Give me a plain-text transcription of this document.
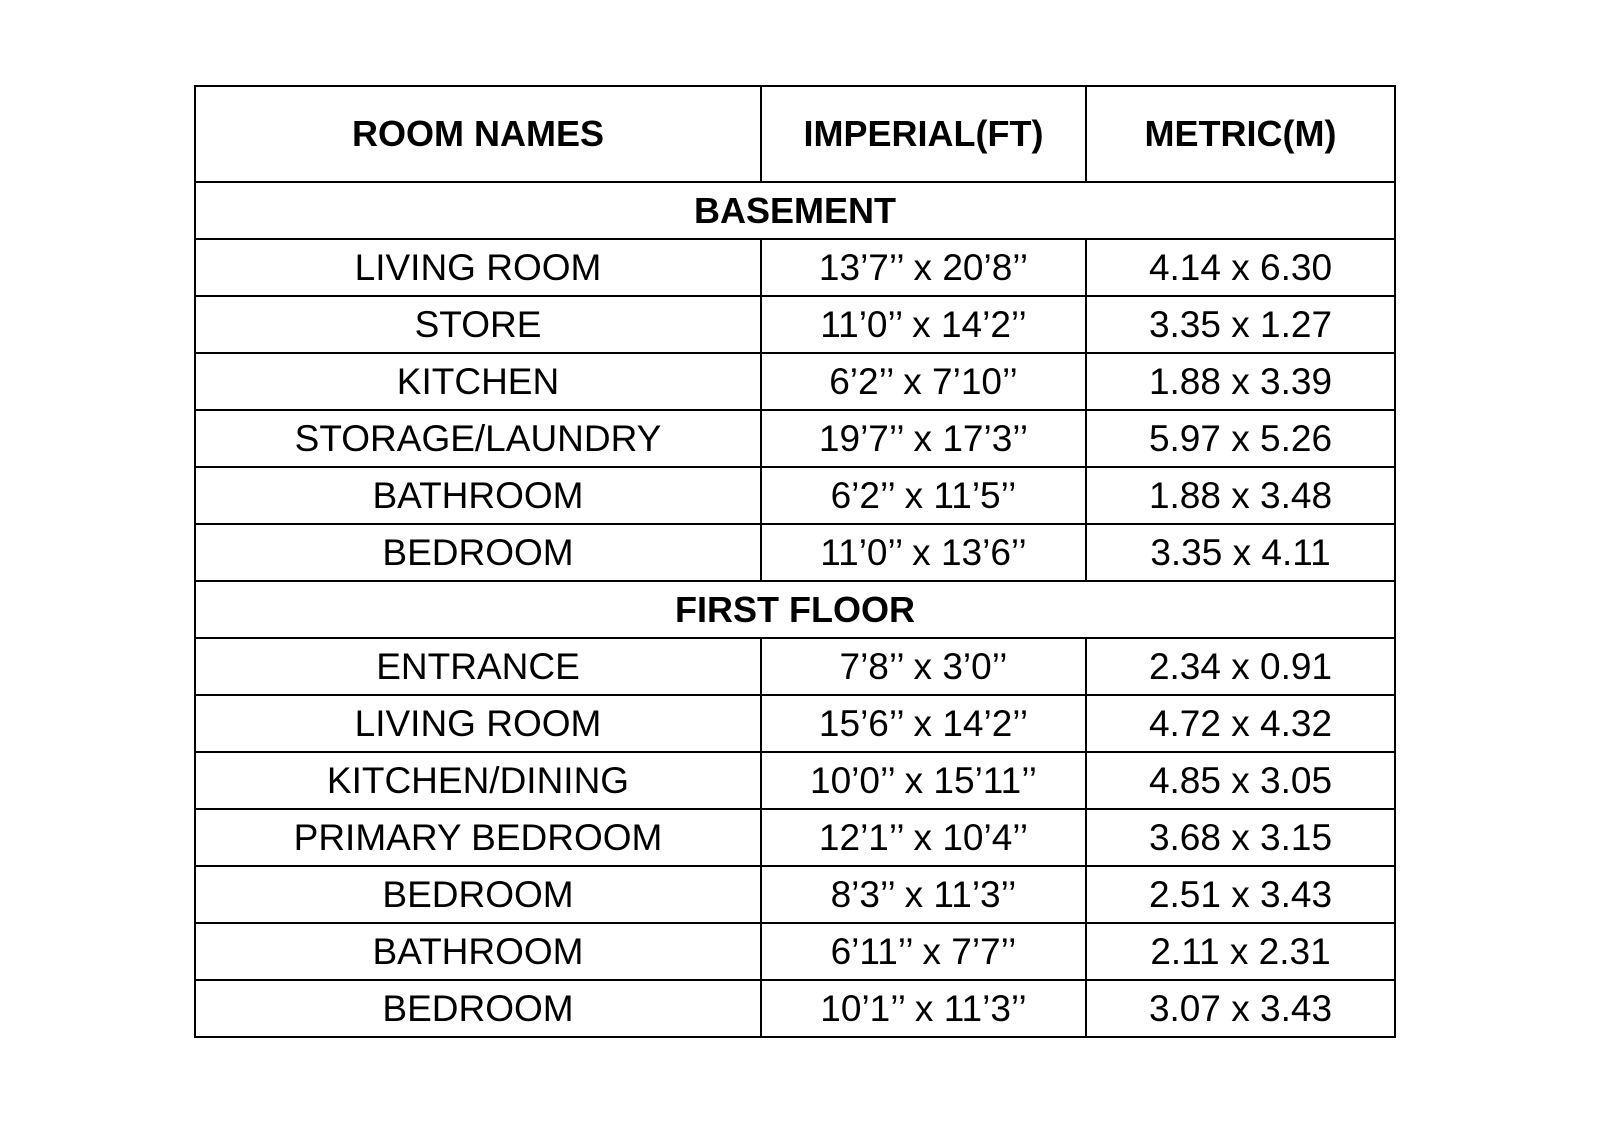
ROOM NAMES	IMPERIAL(FT)	METRIC(M)
BASEMENT		
LIVING ROOM	13’7’’ x 20’8’’	4.14 x 6.30
STORE	11’0’’ x 14’2’’	3.35 x 1.27
KITCHEN	6’2’’ x 7’10’’	1.88 x 3.39
STORAGE/LAUNDRY	19’7’’ x 17’3’’	5.97 x 5.26
BATHROOM	6’2’’ x 11’5’’	1.88 x 3.48
BEDROOM	11’0’’ x 13’6’’	3.35 x 4.11
FIRST FLOOR		
ENTRANCE	7’8’’ x 3’0’’	2.34 x 0.91
LIVING ROOM	15’6’’ x 14’2’’	4.72 x 4.32
KITCHEN/DINING	10’0’’ x 15’11’’	4.85 x 3.05
PRIMARY BEDROOM	12’1’’ x 10’4’’	3.68 x 3.15
BEDROOM	8’3’’ x 11’3’’	2.51 x 3.43
BATHROOM	6’11’’ x 7’7’’	2.11 x 2.31
BEDROOM	10’1’’ x 11’3’’	3.07 x 3.43
